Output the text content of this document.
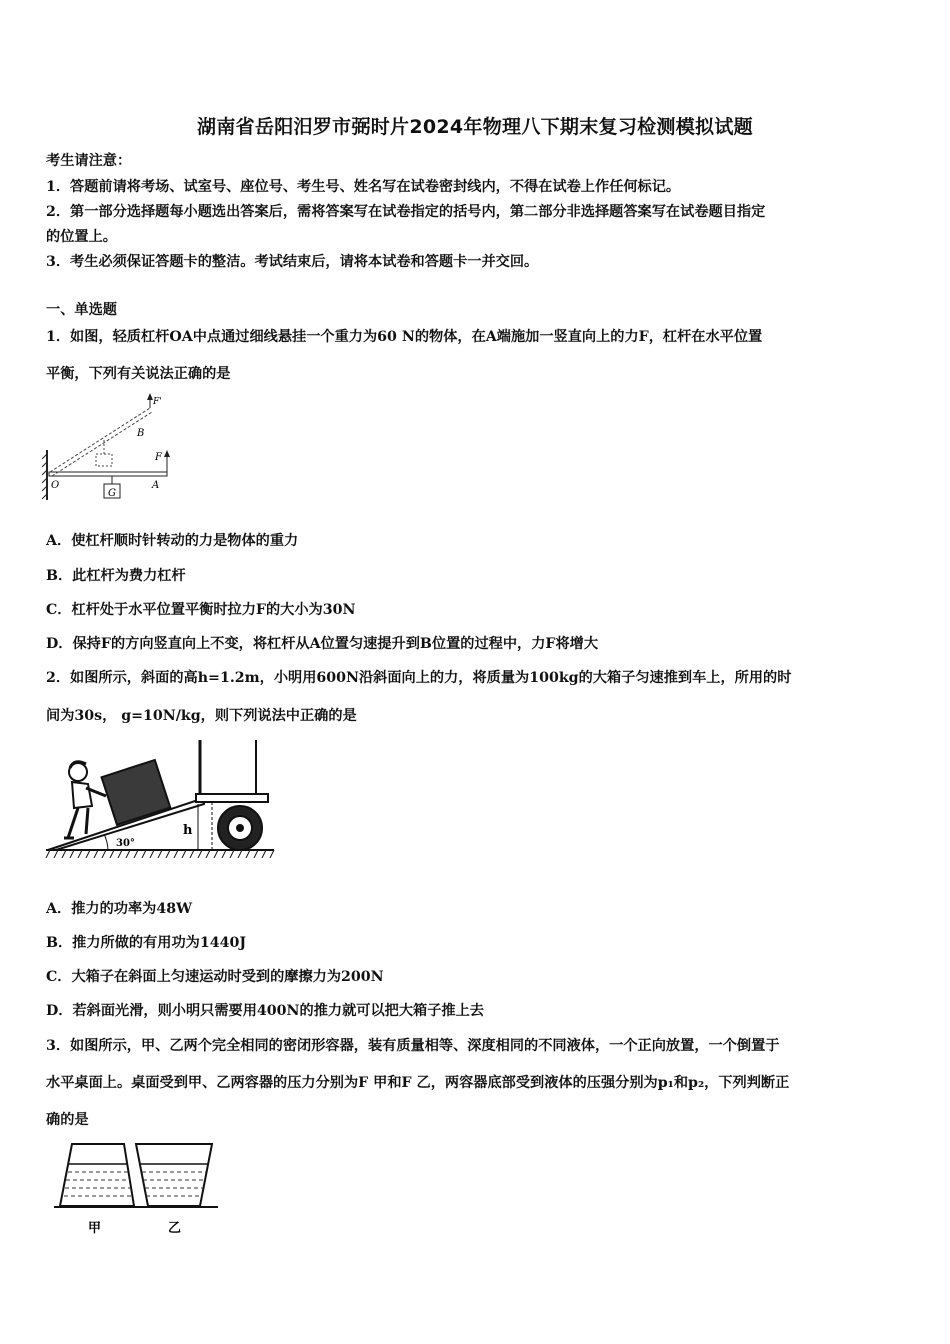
湖南省岳阳汨罗市弼时片2024年物理八下期末复习检测模拟试题
考生请注意：
1．答题前请将考场、试室号、座位号、考生号、姓名写在试卷密封线内，不得在试卷上作任何标记。
2．第一部分选择题每小题选出答案后，需将答案写在试卷指定的括号内，第二部分非选择题答案写在试卷题目指定
的位置上。
3．考生必须保证答题卡的整洁。考试结束后，请将本试卷和答题卡一并交回。
一、单选题
1．如图，轻质杠杆OA中点通过细线悬挂一个重力为60 N的物体，在A端施加一竖直向上的力F，杠杆在水平位置
平衡，下列有关说法正确的是
G
F
F'
B
O	A
A．使杠杆顺时针转动的力是物体的重力
B．此杠杆为费力杠杆
C．杠杆处于水平位置平衡时拉力F的大小为30N
D．保持F的方向竖直向上不变，将杠杆从A位置匀速提升到B位置的过程中，力F将增大
2．如图所示，斜面的高h=1.2m，小明用600N沿斜面向上的力，将质量为100kg的大箱子匀速推到车上，所用的时
间为30s， g=10N/kg，则下列说法中正确的是
30°
h
A．推力的功率为48W
B．推力所做的有用功为1440J
C．大箱子在斜面上匀速运动时受到的摩擦力为200N
D．若斜面光滑，则小明只需要用400N的推力就可以把大箱子推上去
3．如图所示，甲、乙两个完全相同的密闭形容器，装有质量相等、深度相同的不同液体，一个正向放置，一个倒置于
水平桌面上。桌面受到甲、乙两容器的压力分别为F 甲和F 乙，两容器底部受到液体的压强分别为p₁和p₂，下列判断正
确的是
甲	乙
